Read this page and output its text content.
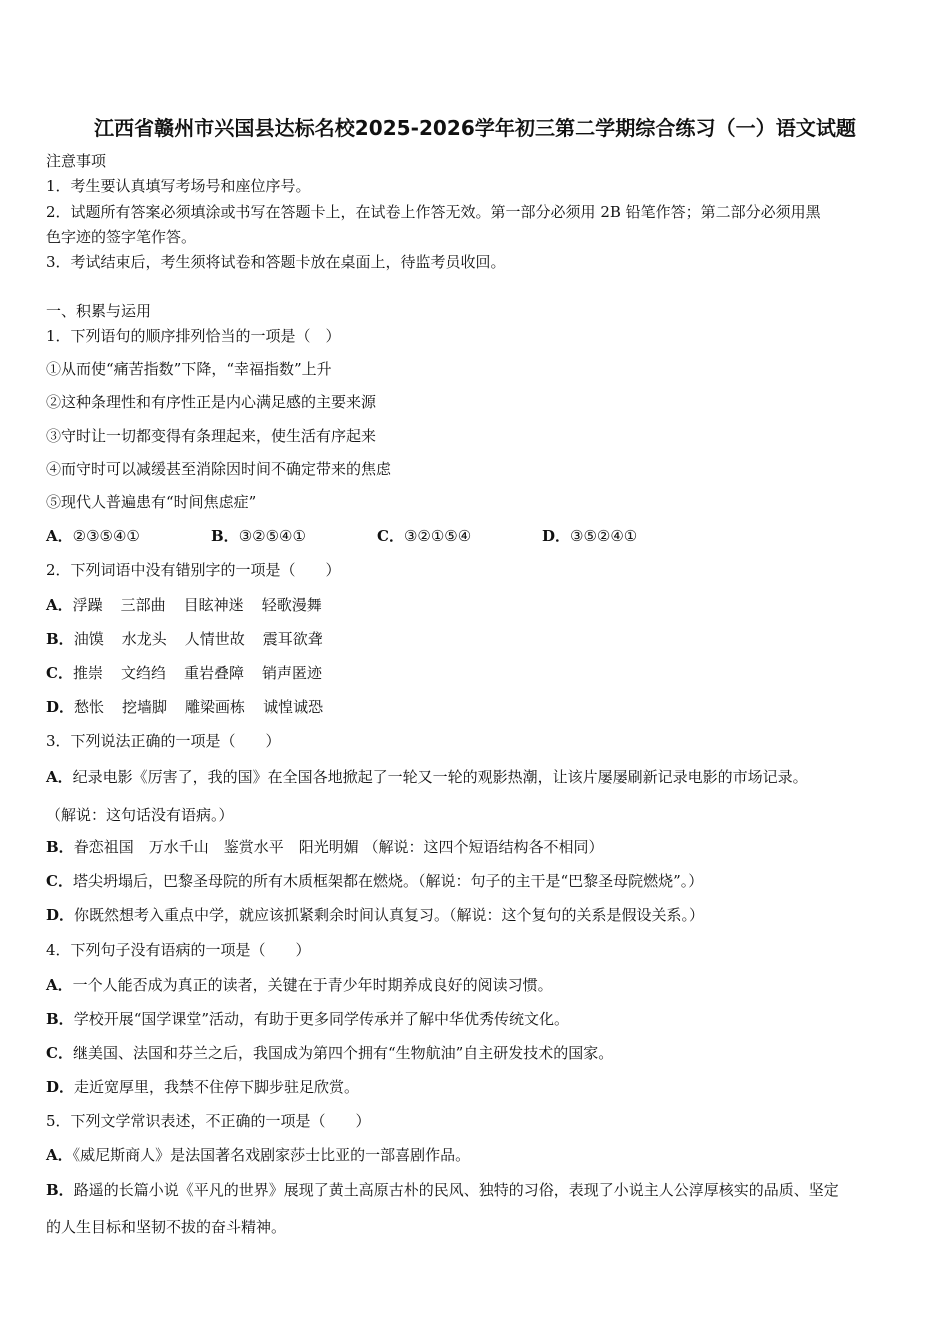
江西省赣州市兴国县达标名校2025-2026学年初三第二学期综合练习（一）语文试题
注意事项
1．考生要认真填写考场号和座位序号。
2．试题所有答案必须填涂或书写在答题卡上，在试卷上作答无效。第一部分必须用 2B 铅笔作答；第二部分必须用黑
色字迹的签字笔作答。
3．考试结束后，考生须将试卷和答题卡放在桌面上，待监考员收回。
一、积累与运用
1．下列语句的顺序排列恰当的一项是（　）
①从而使“痛苦指数”下降，“幸福指数”上升
②这种条理性和有序性正是内心满足感的主要来源
③守时让一切都变得有条理起来，使生活有序起来
④而守时可以减缓甚至消除因时间不确定带来的焦虑
⑤现代人普遍患有“时间焦虑症”
A．②③⑤④①	B．③②⑤④①	C．③②①⑤④	D．③⑤②④①
2．下列词语中没有错别字的一项是（　　）
A．浮躁 三部曲 目眩神迷 轻歌漫舞
B．油馍 水龙头 人情世故 震耳欲聋
C．推崇 文绉绉 重岩叠障 销声匿迹
D．愁怅 挖墙脚 雕梁画栋 诚惶诚恐
3．下列说法正确的一项是（　　）
A．纪录电影《厉害了，我的国》在全国各地掀起了一轮又一轮的观影热潮，让该片屡屡刷新记录电影的市场记录。
（解说：这句话没有语病。）
B．眷恋祖国　万水千山　鉴赏水平　阳光明媚 （解说：这四个短语结构各不相同）
C．塔尖坍塌后，巴黎圣母院的所有木质框架都在燃烧。（解说：句子的主干是“巴黎圣母院燃烧”。）
D．你既然想考入重点中学，就应该抓紧剩余时间认真复习。（解说：这个复句的关系是假设关系。）
4．下列句子没有语病的一项是（　　）
A．一个人能否成为真正的读者，关键在于青少年时期养成良好的阅读习惯。
B．学校开展“国学课堂”活动，有助于更多同学传承并了解中华优秀传统文化。
C．继美国、法国和芬兰之后，我国成为第四个拥有“生物航油”自主研发技术的国家。
D．走近宽厚里，我禁不住停下脚步驻足欣赏。
5．下列文学常识表述，不正确的一项是（　　）
A．《威尼斯商人》是法国著名戏剧家莎士比亚的一部喜剧作品。
B．路遥的长篇小说《平凡的世界》展现了黄土高原古朴的民风、独特的习俗，表现了小说主人公淳厚核实的品质、坚定
的人生目标和坚韧不拔的奋斗精神。
